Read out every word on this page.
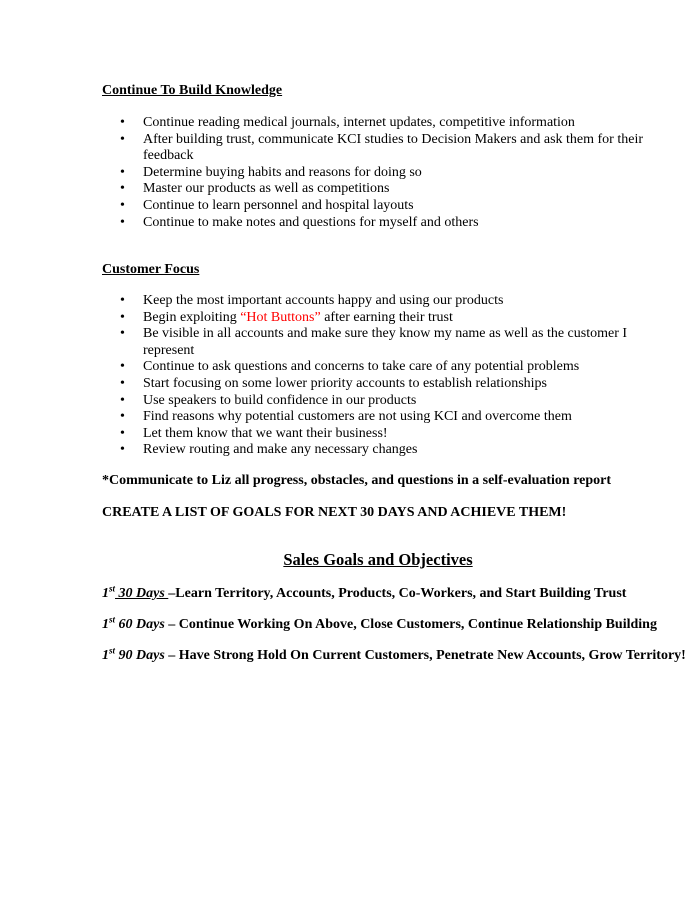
Continue To Build Knowledge

• Continue reading medical journals, internet updates, competitive information
• After building trust, communicate KCI studies to Decision Makers and ask them for their feedback
• Determine buying habits and reasons for doing so
• Master our products as well as competitions
• Continue to learn personnel and hospital layouts
• Continue to make notes and questions for myself and others

Customer Focus

• Keep the most important accounts happy and using our products
• Begin exploiting “Hot Buttons” after earning their trust
• Be visible in all accounts and make sure they know my name as well as the customer I represent
• Continue to ask questions and concerns to take care of any potential problems
• Start focusing on some lower priority accounts to establish relationships
• Use speakers to build confidence in our products
• Find reasons why potential customers are not using KCI and overcome them
• Let them know that we want their business!
• Review routing and make any necessary changes

*Communicate to Liz all progress, obstacles, and questions in a self-evaluation report

CREATE A LIST OF GOALS FOR NEXT 30 DAYS AND ACHIEVE THEM!

Sales Goals and Objectives

1st 30 Days –Learn Territory, Accounts, Products, Co-Workers, and Start Building Trust

1st 60 Days – Continue Working On Above, Close Customers, Continue Relationship Building

1st 90 Days – Have Strong Hold On Current Customers, Penetrate New Accounts, Grow Territory!
